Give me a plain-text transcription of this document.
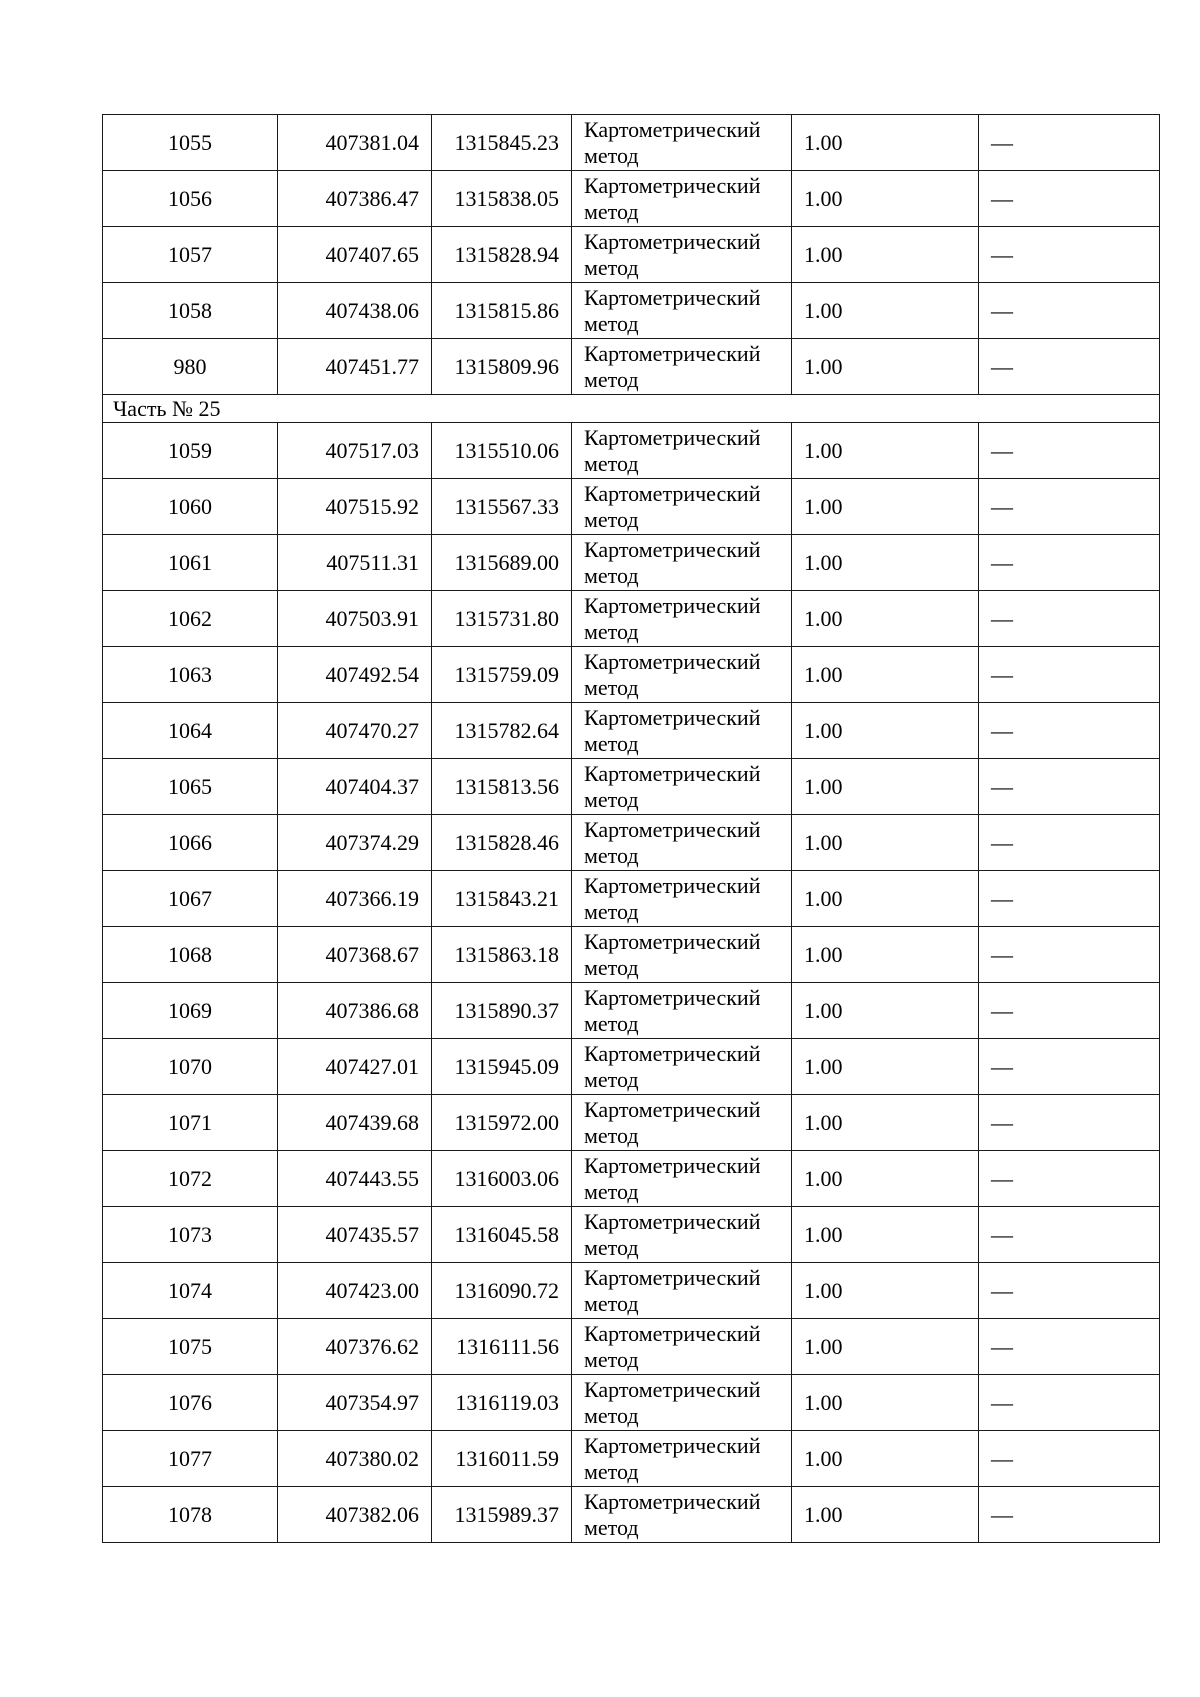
1055	407381.04	1315845.23	Картометрический
метод	1.00	—
1056	407386.47	1315838.05	Картометрический
метод	1.00	—
1057	407407.65	1315828.94	Картометрический
метод	1.00	—
1058	407438.06	1315815.86	Картометрический
метод	1.00	—
980	407451.77	1315809.96	Картометрический
метод	1.00	—
Часть № 25					
1059	407517.03	1315510.06	Картометрический
метод	1.00	—
1060	407515.92	1315567.33	Картометрический
метод	1.00	—
1061	407511.31	1315689.00	Картометрический
метод	1.00	—
1062	407503.91	1315731.80	Картометрический
метод	1.00	—
1063	407492.54	1315759.09	Картометрический
метод	1.00	—
1064	407470.27	1315782.64	Картометрический
метод	1.00	—
1065	407404.37	1315813.56	Картометрический
метод	1.00	—
1066	407374.29	1315828.46	Картометрический
метод	1.00	—
1067	407366.19	1315843.21	Картометрический
метод	1.00	—
1068	407368.67	1315863.18	Картометрический
метод	1.00	—
1069	407386.68	1315890.37	Картометрический
метод	1.00	—
1070	407427.01	1315945.09	Картометрический
метод	1.00	—
1071	407439.68	1315972.00	Картометрический
метод	1.00	—
1072	407443.55	1316003.06	Картометрический
метод	1.00	—
1073	407435.57	1316045.58	Картометрический
метод	1.00	—
1074	407423.00	1316090.72	Картометрический
метод	1.00	—
1075	407376.62	1316111.56	Картометрический
метод	1.00	—
1076	407354.97	1316119.03	Картометрический
метод	1.00	—
1077	407380.02	1316011.59	Картометрический
метод	1.00	—
1078	407382.06	1315989.37	Картометрический
метод	1.00	—
